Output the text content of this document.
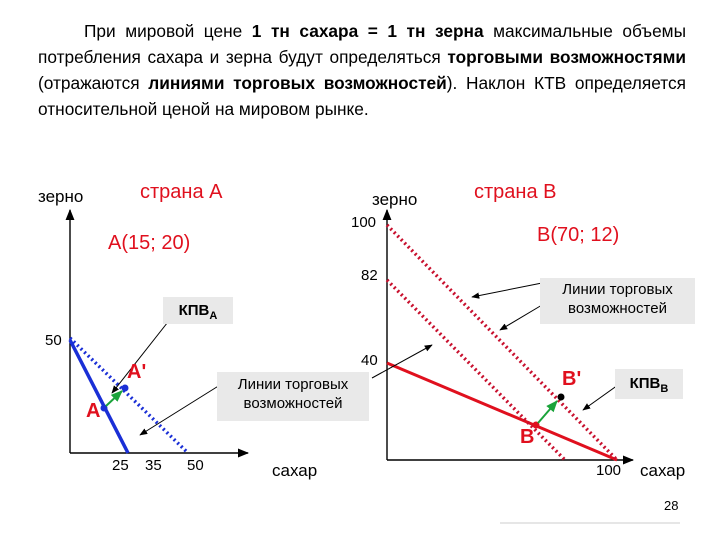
При мировой цене 1 тн сахара = 1 тн зерна максимальные объемы потребления сахара и зерна будут определяться торговыми возможностями (отражаются линиями торговых возможностей). Наклон КТВ определяется относительной ценой на мировом рынке.
зерно	страна А
А(15; 20)
$КПВ_А$
50
25 35 50
A'
A
Линии торговых возможностей
сахар
зерно	страна В
100
82
40
В(70; 12)
Линии торговых возможностей
B'
B
$КПВ_В$
100 сахар
28
